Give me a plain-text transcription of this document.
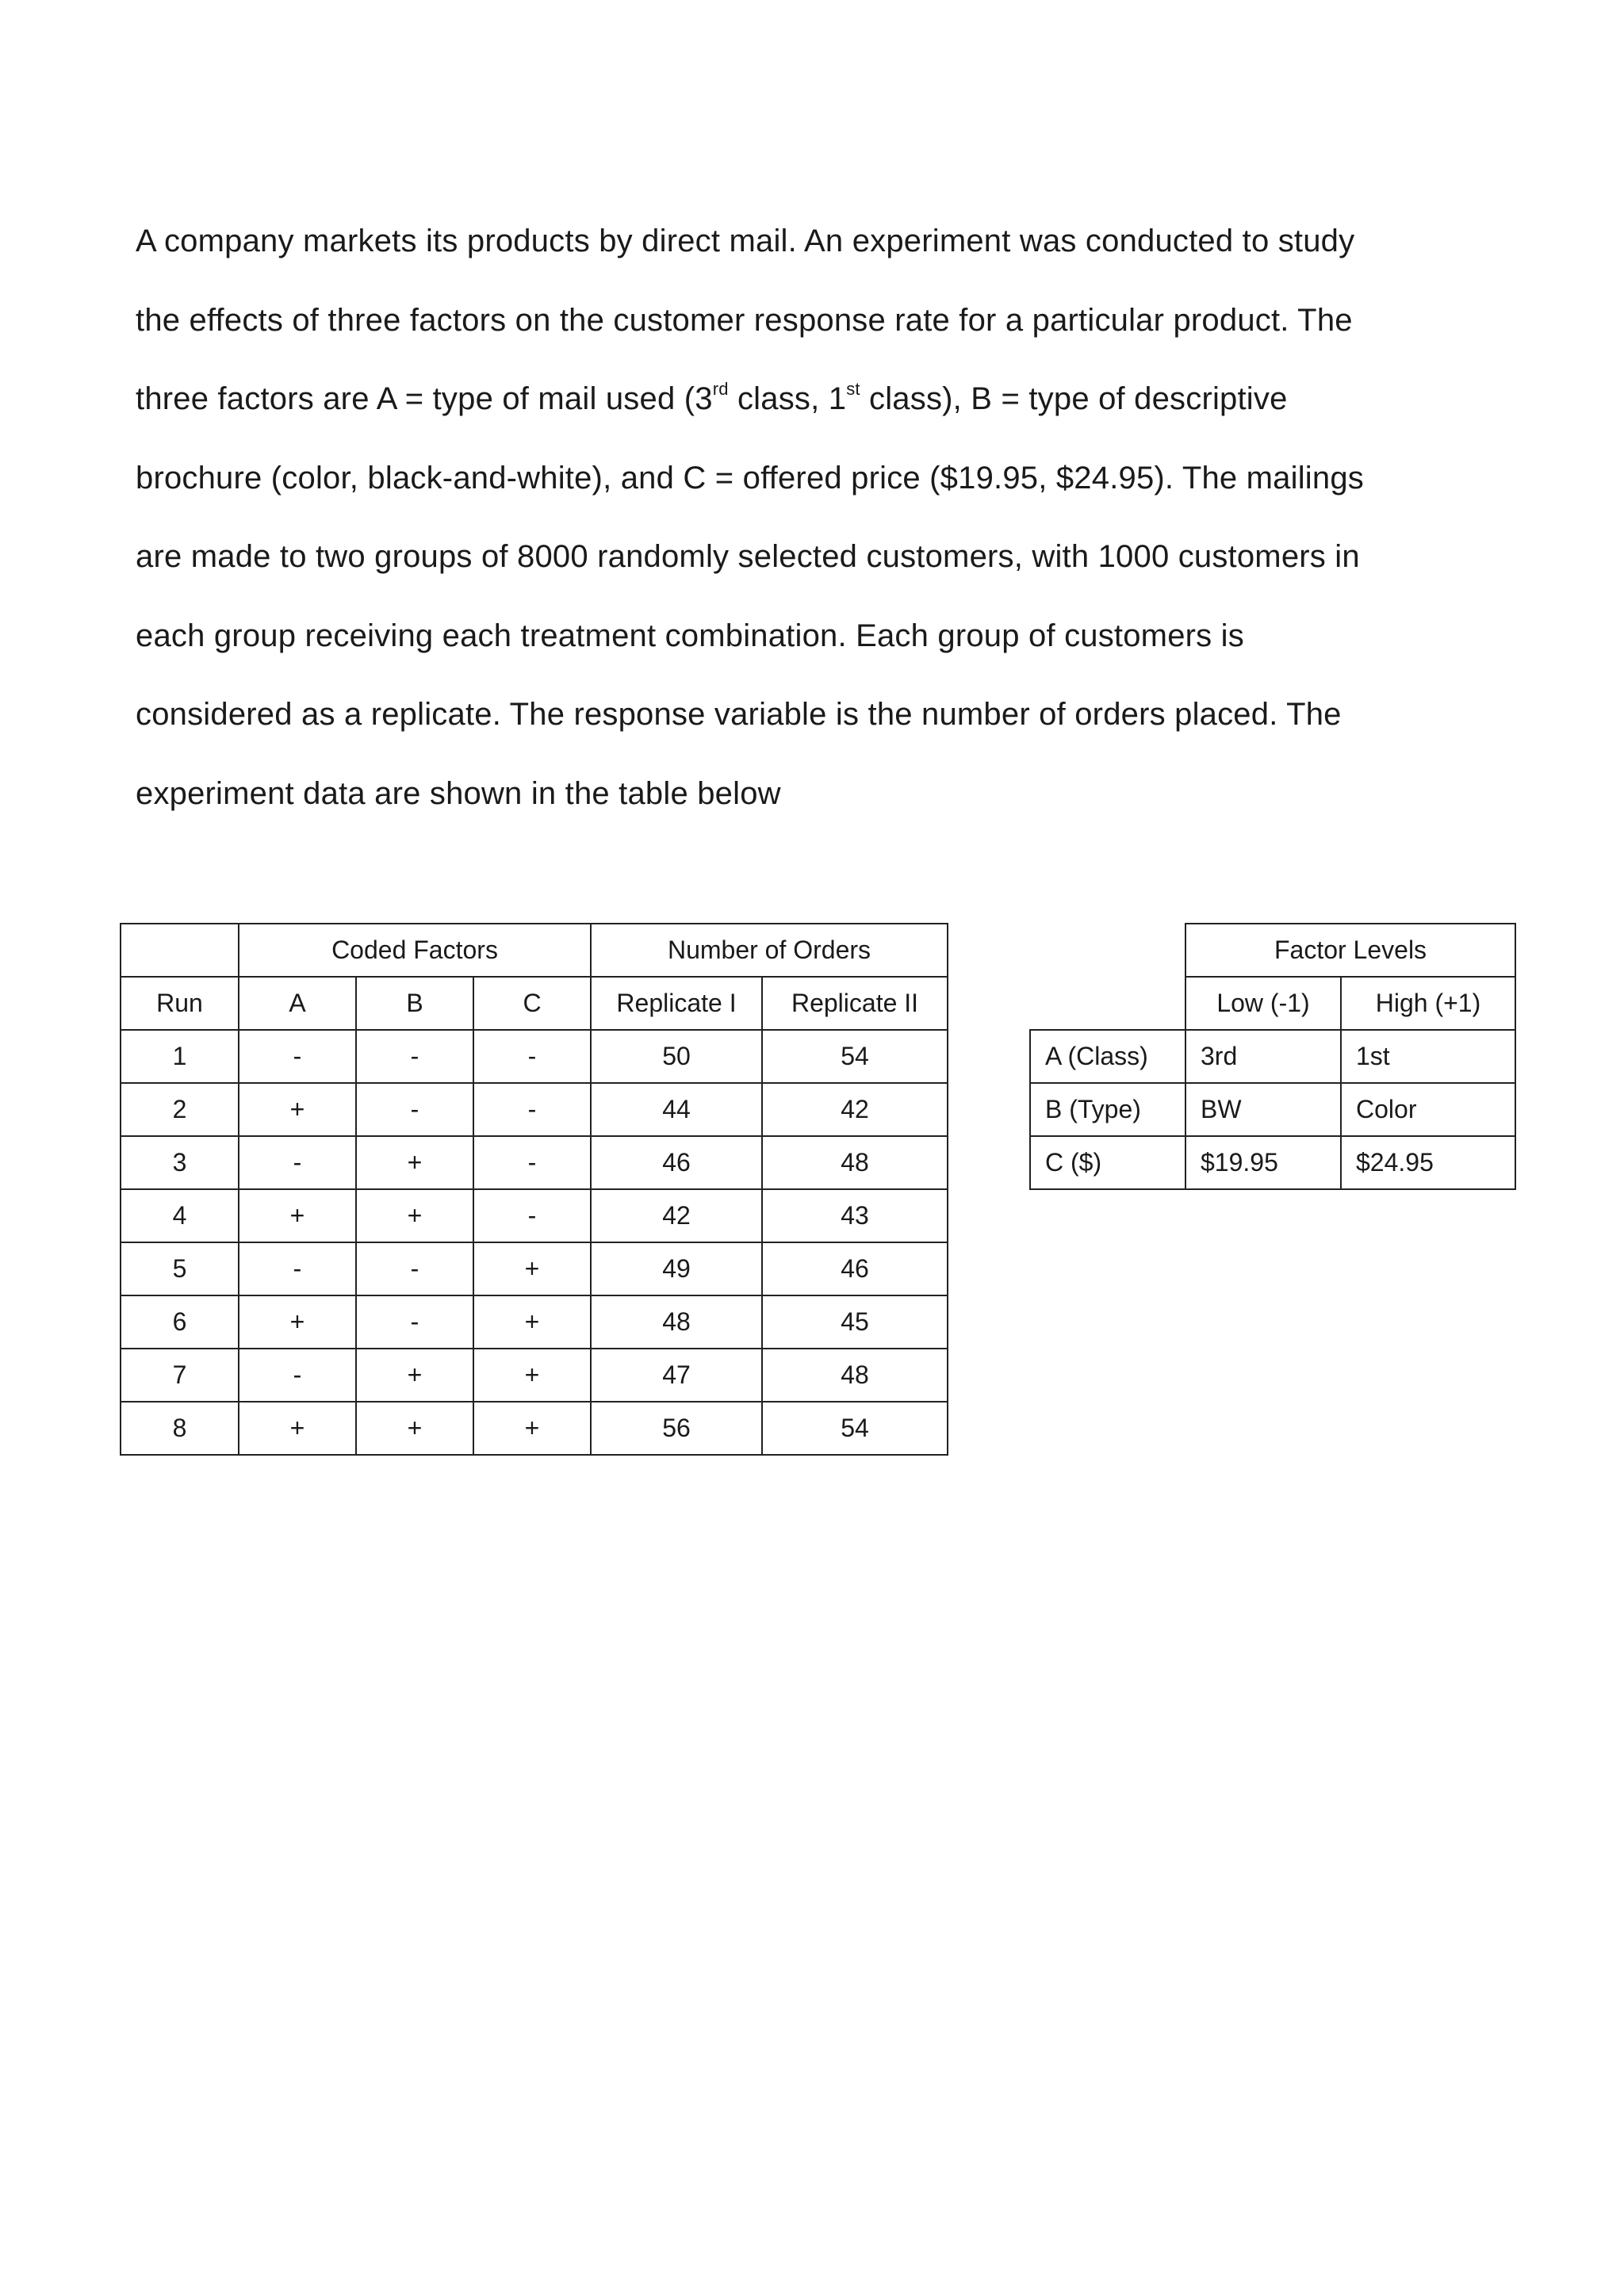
A company markets its products by direct mail. An experiment was conducted to study
the effects of three factors on the customer response rate for a particular product. The
three factors are A = type of mail used (3rd class, 1st class), B = type of descriptive
brochure (color, black-and-white), and C = offered price ($19.95, $24.95). The mailings
are made to two groups of 8000 randomly selected customers, with 1000 customers in
each group receiving each treatment combination. Each group of customers is
considered as a replicate. The response variable is the number of orders placed. The
experiment data are shown in the table below

	Coded Factors			Number of Orders	
Run	A	B	C	Replicate I	Replicate II
1	-	-	-	50	54
2	+	-	-	44	42
3	-	+	-	46	48
4	+	+	-	42	43
5	-	-	+	49	46
6	+	-	+	48	45
7	-	+	+	47	48
8	+	+	+	56	54
	Factor Levels	
	Low (-1)	High (+1)
A (Class)	3rd	1st
B (Type)	BW	Color
C ($)	$19.95	$24.95
